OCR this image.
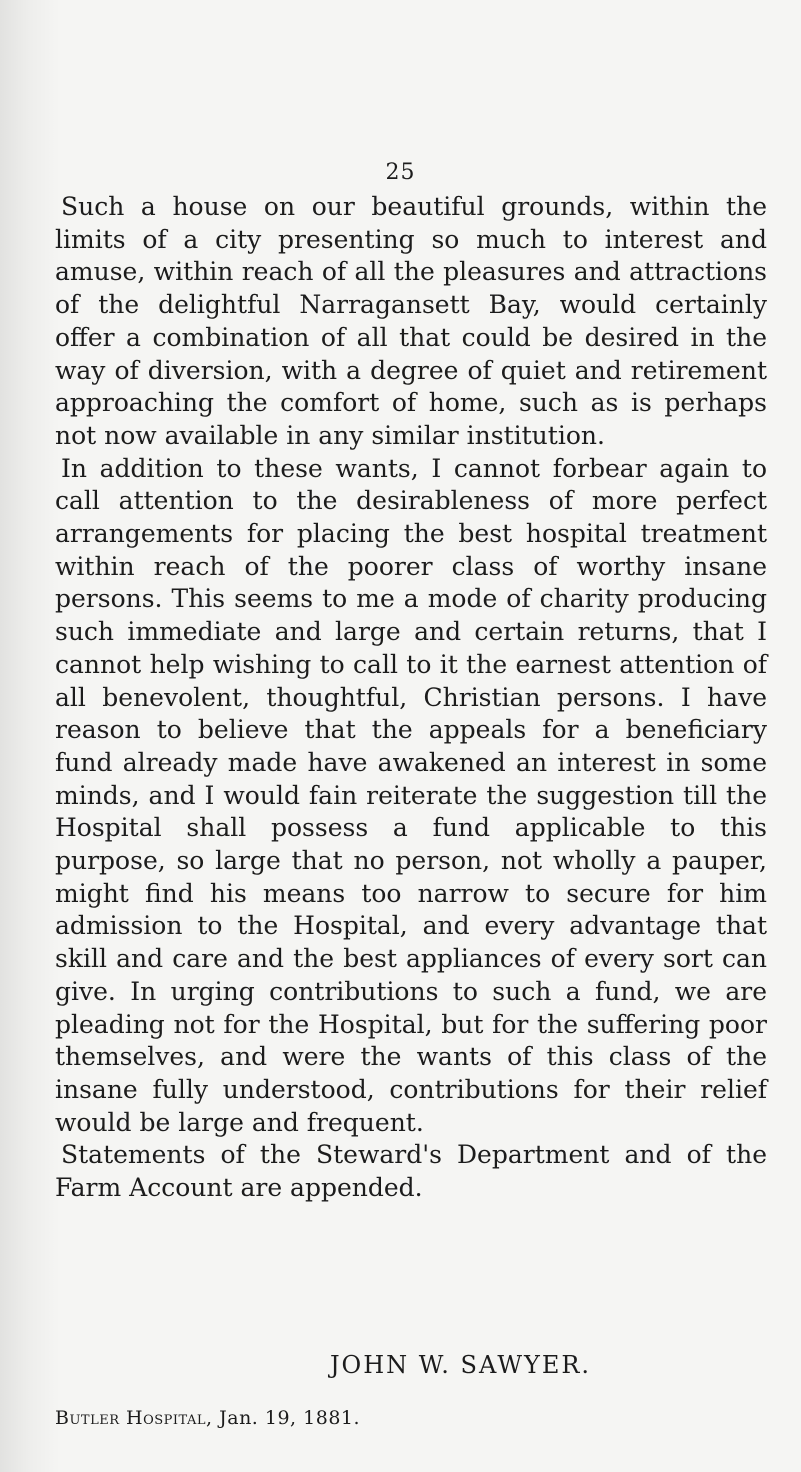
25

Such a house on our beautiful grounds, within the limits of a city presenting so much to interest and amuse, within reach of all the pleasures and attractions of the delightful Narragansett Bay, would certainly offer a combination of all that could be desired in the way of diversion, with a degree of quiet and retirement approaching the comfort of home, such as is perhaps not now available in any similar institution.

In addition to these wants, I cannot forbear again to call attention to the desirableness of more perfect arrangements for placing the best hospital treatment within reach of the poorer class of worthy insane persons. This seems to me a mode of charity producing such immediate and large and certain returns, that I cannot help wishing to call to it the earnest attention of all benevolent, thoughtful, Christian persons. I have reason to believe that the appeals for a beneficiary fund already made have awakened an interest in some minds, and I would fain reiterate the suggestion till the Hospital shall possess a fund applicable to this purpose, so large that no person, not wholly a pauper, might find his means too narrow to secure for him admission to the Hospital, and every advantage that skill and care and the best appliances of every sort can give. In urging contributions to such a fund, we are pleading not for the Hospital, but for the suffering poor themselves, and were the wants of this class of the insane fully understood, contributions for their relief would be large and frequent.

Statements of the Steward's Department and of the Farm Account are appended.

JOHN W. SAWYER.
Butler Hospital, Jan. 19, 1881.
